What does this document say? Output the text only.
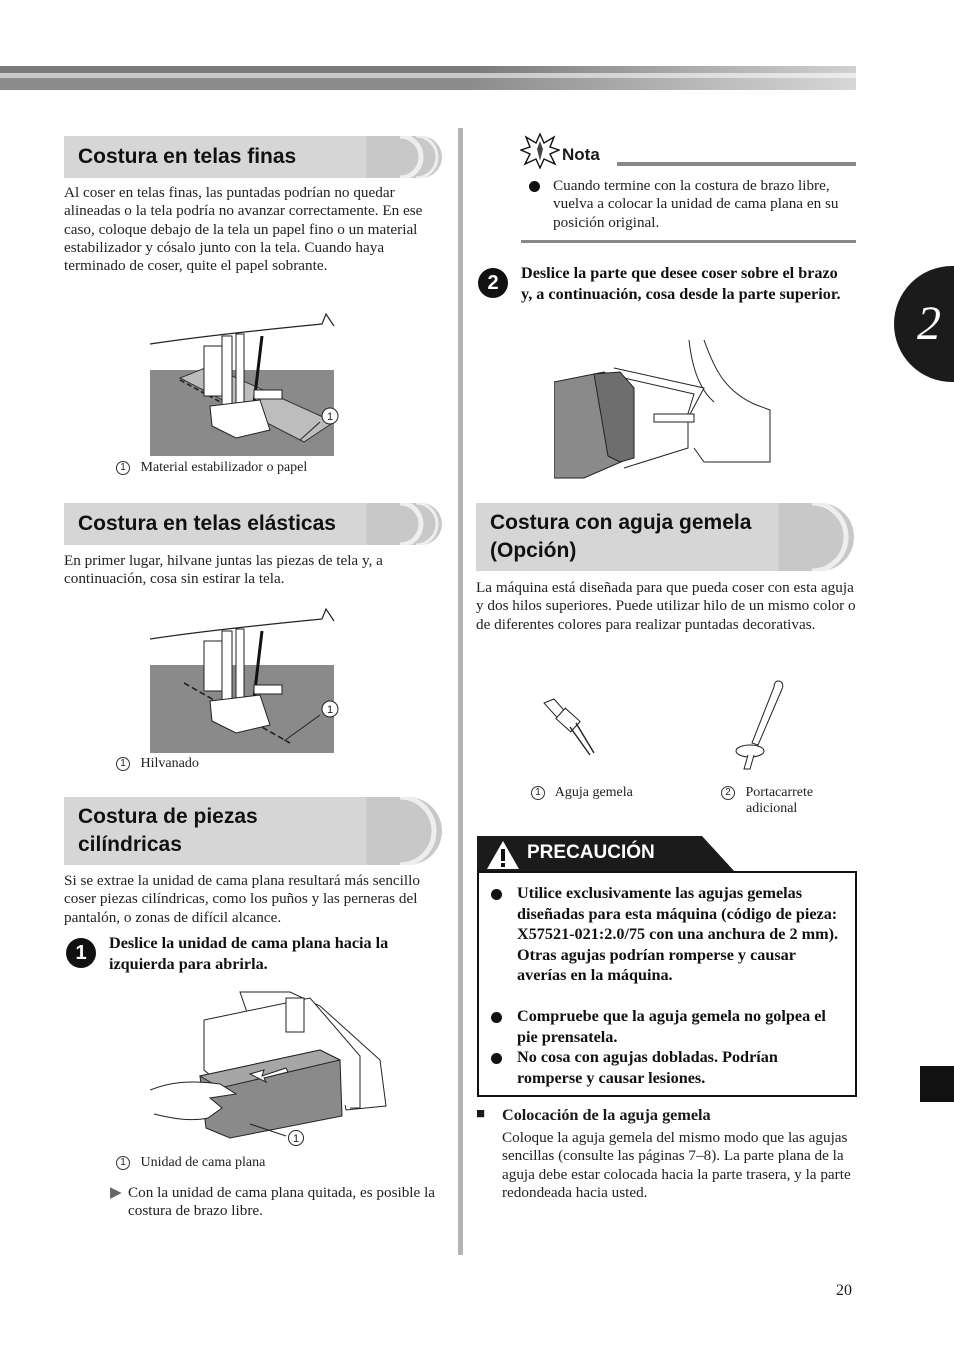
2
Costura en telas finas
Al coser en telas finas, las puntadas podrían no quedar alineadas o la tela podría no avanzar correctamente. En ese caso, coloque debajo de la tela un papel fino o un material estabilizador y cósalo junto con la tela. Cuando haya terminado de coser, quite el papel sobrante.
1
1 Material estabilizador o papel
Costura en telas elásticas
En primer lugar, hilvane juntas las piezas de tela y, a continuación, cosa sin estirar la tela.
1
1 Hilvanado
Costura de piezas
cilíndricas
Si se extrae la unidad de cama plana resultará más sencillo coser piezas cilíndricas, como los puños y las perneras del pantalón, o zonas de difícil alcance.
1	Deslice la unidad de cama plana hacia la izquierda para abrirla.
1
1 Unidad de cama plana
▶ Con la unidad de cama plana quitada, es posible la costura de brazo libre.
Nota
Cuando termine con la costura de brazo libre, vuelva a colocar la unidad de cama plana en su posición original.
2	Deslice la parte que desee coser sobre el brazo y, a continuación, cosa desde la parte superior.
Costura con aguja gemela
(Opción)
La máquina está diseñada para que pueda coser con esta aguja y dos hilos superiores. Puede utilizar hilo de un mismo color o de diferentes colores para realizar puntadas decorativas.
1 Aguja gemela	2 Portacarrete
adicional
PRECAUCIÓN
Utilice exclusivamente las agujas gemelas diseñadas para esta máquina (código de pieza: X57521-021:2.0/75 con una anchura de 2 mm). Otras agujas podrían romperse y causar averías en la máquina.
Compruebe que la aguja gemela no golpea el pie prensatela.
No cosa con agujas dobladas. Podrían romperse y causar lesiones.
■ Colocación de la aguja gemela
Coloque la aguja gemela del mismo modo que las agujas sencillas (consulte las páginas 7–8). La parte plana de la aguja debe estar colocada hacia la parte trasera, y la parte redondeada hacia usted.
20
